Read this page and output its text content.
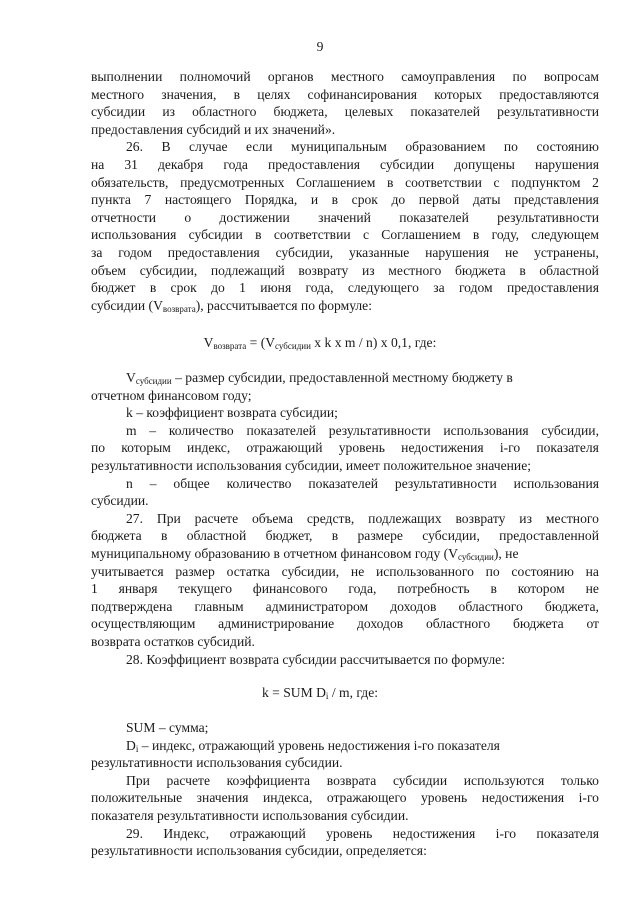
9
выполнении полномочий органов местного самоуправления по вопросам
местного значения, в целях софинансирования которых предоставляются
субсидии из областного бюджета, целевых показателей результативности
предоставления субсидий и их значений».
26. В случае если муниципальным образованием по состоянию
на 31 декабря года предоставления субсидии допущены нарушения
обязательств, предусмотренных Соглашением в соответствии с подпунктом 2
пункта 7 настоящего Порядка, и в срок до первой даты представления
отчетности о достижении значений показателей результативности
использования субсидии в соответствии с Соглашением в году, следующем
за годом предоставления субсидии, указанные нарушения не устранены,
объем субсидии, подлежащий возврату из местного бюджета в областной
бюджет в срок до 1 июня года, следующего за годом предоставления
субсидии $(V_{возврата})$, рассчитывается по формуле:
$V_{возврата} = (V_{субсидии}$ x k x m / n) x 0,1, где:
$V_{субсидии}$ – размер субсидии, предоставленной местному бюджету в
отчетном финансовом году;
k – коэффициент возврата субсидии;
m – количество показателей результативности использования субсидии,
по которым индекс, отражающий уровень недостижения i-го показателя
результативности использования субсидии, имеет положительное значение;
n – общее количество показателей результативности использования
субсидии.
27. При расчете объема средств, подлежащих возврату из местного
бюджета в областной бюджет, в размере субсидии, предоставленной
муниципальному образованию в отчетном финансовом году $(V_{субсидии})$, не
учитывается размер остатка субсидии, не использованного по состоянию на
1 января текущего финансового года, потребность в котором не
подтверждена главным администратором доходов областного бюджета,
осуществляющим администрирование доходов областного бюджета от
возврата остатков субсидий.
28. Коэффициент возврата субсидии рассчитывается по формуле:
k = SUM $D_i$ / m, где:
SUM – сумма;
$D_i$ – индекс, отражающий уровень недостижения i-го показателя
результативности использования субсидии.
При расчете коэффициента возврата субсидии используются только
положительные значения индекса, отражающего уровень недостижения i-го
показателя результативности использования субсидии.
29. Индекс, отражающий уровень недостижения i-го показателя
результативности использования субсидии, определяется:
